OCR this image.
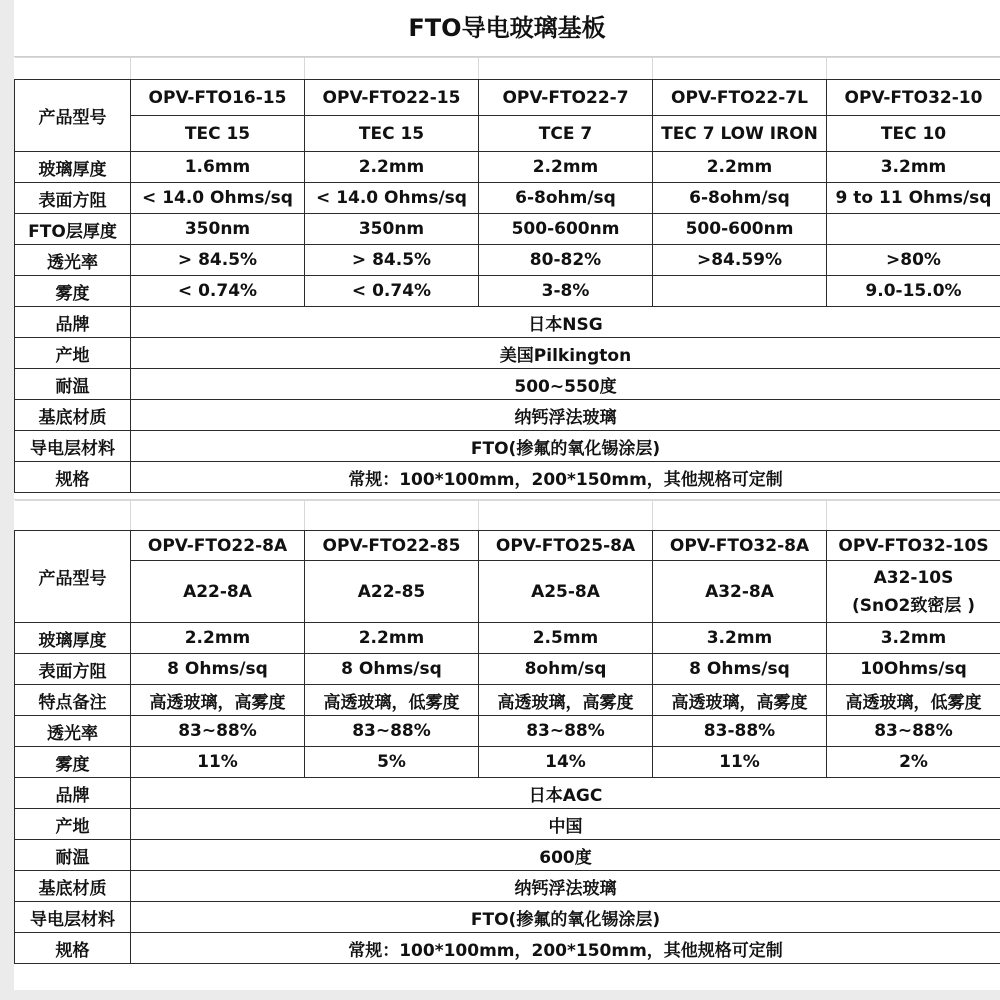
FTO导电玻璃基板

产品型号	OPV-FTO16-15	OPV-FTO22-15	OPV-FTO22-7	OPV-FTO22-7L	OPV-FTO32-10
	TEC 15	TEC 15	TCE 7	TEC 7 LOW IRON	TEC 10
玻璃厚度	1.6mm	2.2mm	2.2mm	2.2mm	3.2mm
表面方阻	< 14.0 Ohms/sq	< 14.0 Ohms/sq	6-8ohm/sq	6-8ohm/sq	9 to 11 Ohms/sq
FTO层厚度	350nm	350nm	500-600nm	500-600nm	
透光率	> 84.5%	> 84.5%	80-82%	>84.59%	>80%
雾度	< 0.74%	< 0.74%	3-8%		9.0-15.0%
品牌	日本NSG				
产地	美国Pilkington				
耐温	500~550度				
基底材质	纳钙浮法玻璃				
导电层材料	FTO(掺氟的氧化锡涂层)				
规格	常规：100*100mm，200*150mm，其他规格可定制				

产品型号	OPV-FTO22-8A	OPV-FTO22-85	OPV-FTO25-8A	OPV-FTO32-8A	OPV-FTO32-10S
	A22-8A	A22-85	A25-8A	A32-8A	A32-10S
(SnO2致密层 )

玻璃厚度	2.2mm	2.2mm	2.5mm	3.2mm	3.2mm
表面方阻	8 Ohms/sq	8 Ohms/sq	8ohm/sq	8 Ohms/sq	10Ohms/sq
特点备注	高透玻璃，高雾度	高透玻璃，低雾度	高透玻璃，高雾度	高透玻璃，高雾度	高透玻璃，低雾度
透光率	83~88%	83~88%	83~88%	83-88%	83~88%
雾度	11%	5%	14%	11%	2%
品牌	日本AGC				
产地	中国				
耐温	600度				
基底材质	纳钙浮法玻璃				
导电层材料	FTO(掺氟的氧化锡涂层)				
规格	常规：100*100mm，200*150mm，其他规格可定制				
